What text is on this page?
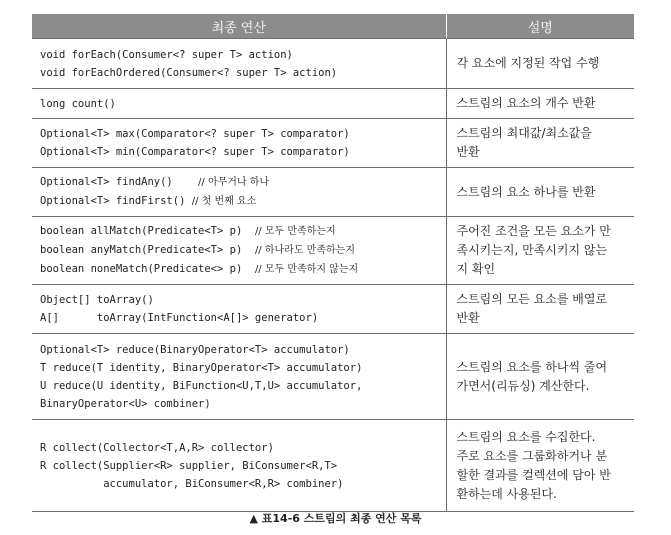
최종 연산	설명

void forEach(Consumer<? super T> action)
void forEachOrdered(Consumer<? super T> action)	각 요소에 지정된 작업 수행

long count()	스트림의 요소의 개수 반환

Optional<T> max(Comparator<? super T> comparator)
Optional<T> min(Comparator<? super T> comparator)	스트림의 최대값/최소값을
반환

Optional<T> findAny()    // 아무거나 하나
Optional<T> findFirst() // 첫 번째 요소	스트림의 요소 하나를 반환

boolean allMatch(Predicate<T> p)  // 모두 만족하는지
boolean anyMatch(Predicate<T> p)  // 하나라도 만족하는지
boolean noneMatch(Predicate<> p)  // 모두 만족하지 않는지	주어진 조건을 모든 요소가 만
족시키는지, 만족시키지 않는
지 확인

Object[] toArray()
A[]      toArray(IntFunction<A[]> generator)	스트림의 모든 요소를 배열로
반환

Optional<T> reduce(BinaryOperator<T> accumulator)
T reduce(T identity, BinaryOperator<T> accumulator)
U reduce(U identity, BiFunction<U,T,U> accumulator,
BinaryOperator<U> combiner)	스트림의 요소를 하나씩 줄여
가면서(리듀싱) 계산한다.

R collect(Collector<T,A,R> collector)
R collect(Supplier<R> supplier, BiConsumer<R,T>
accumulator, BiConsumer<R,R> combiner)	스트림의 요소를 수집한다.
주로 요소를 그룹화하거나 분
할한 결과를 컬렉션에 담아 반
환하는데 사용된다.
▲ 표14-6 스트림의 최종 연산 목록
